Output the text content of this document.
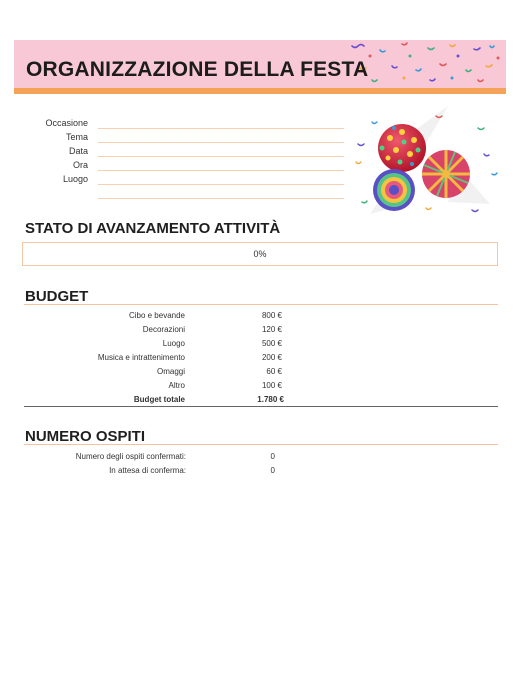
ORGANIZZAZIONE DELLA FESTA
Occasione
Tema
Data
Ora
Luogo
STATO DI AVANZAMENTO ATTIVITÀ
0%
BUDGET
Cibo e bevande	800 €
Decorazioni	120 €
Luogo	500 €
Musica e intrattenimento	200 €
Omaggi	60 €
Altro	100 €
Budget totale	1.780 €
NUMERO OSPITI
Numero degli ospiti confermati:	0
In attesa di conferma:	0
